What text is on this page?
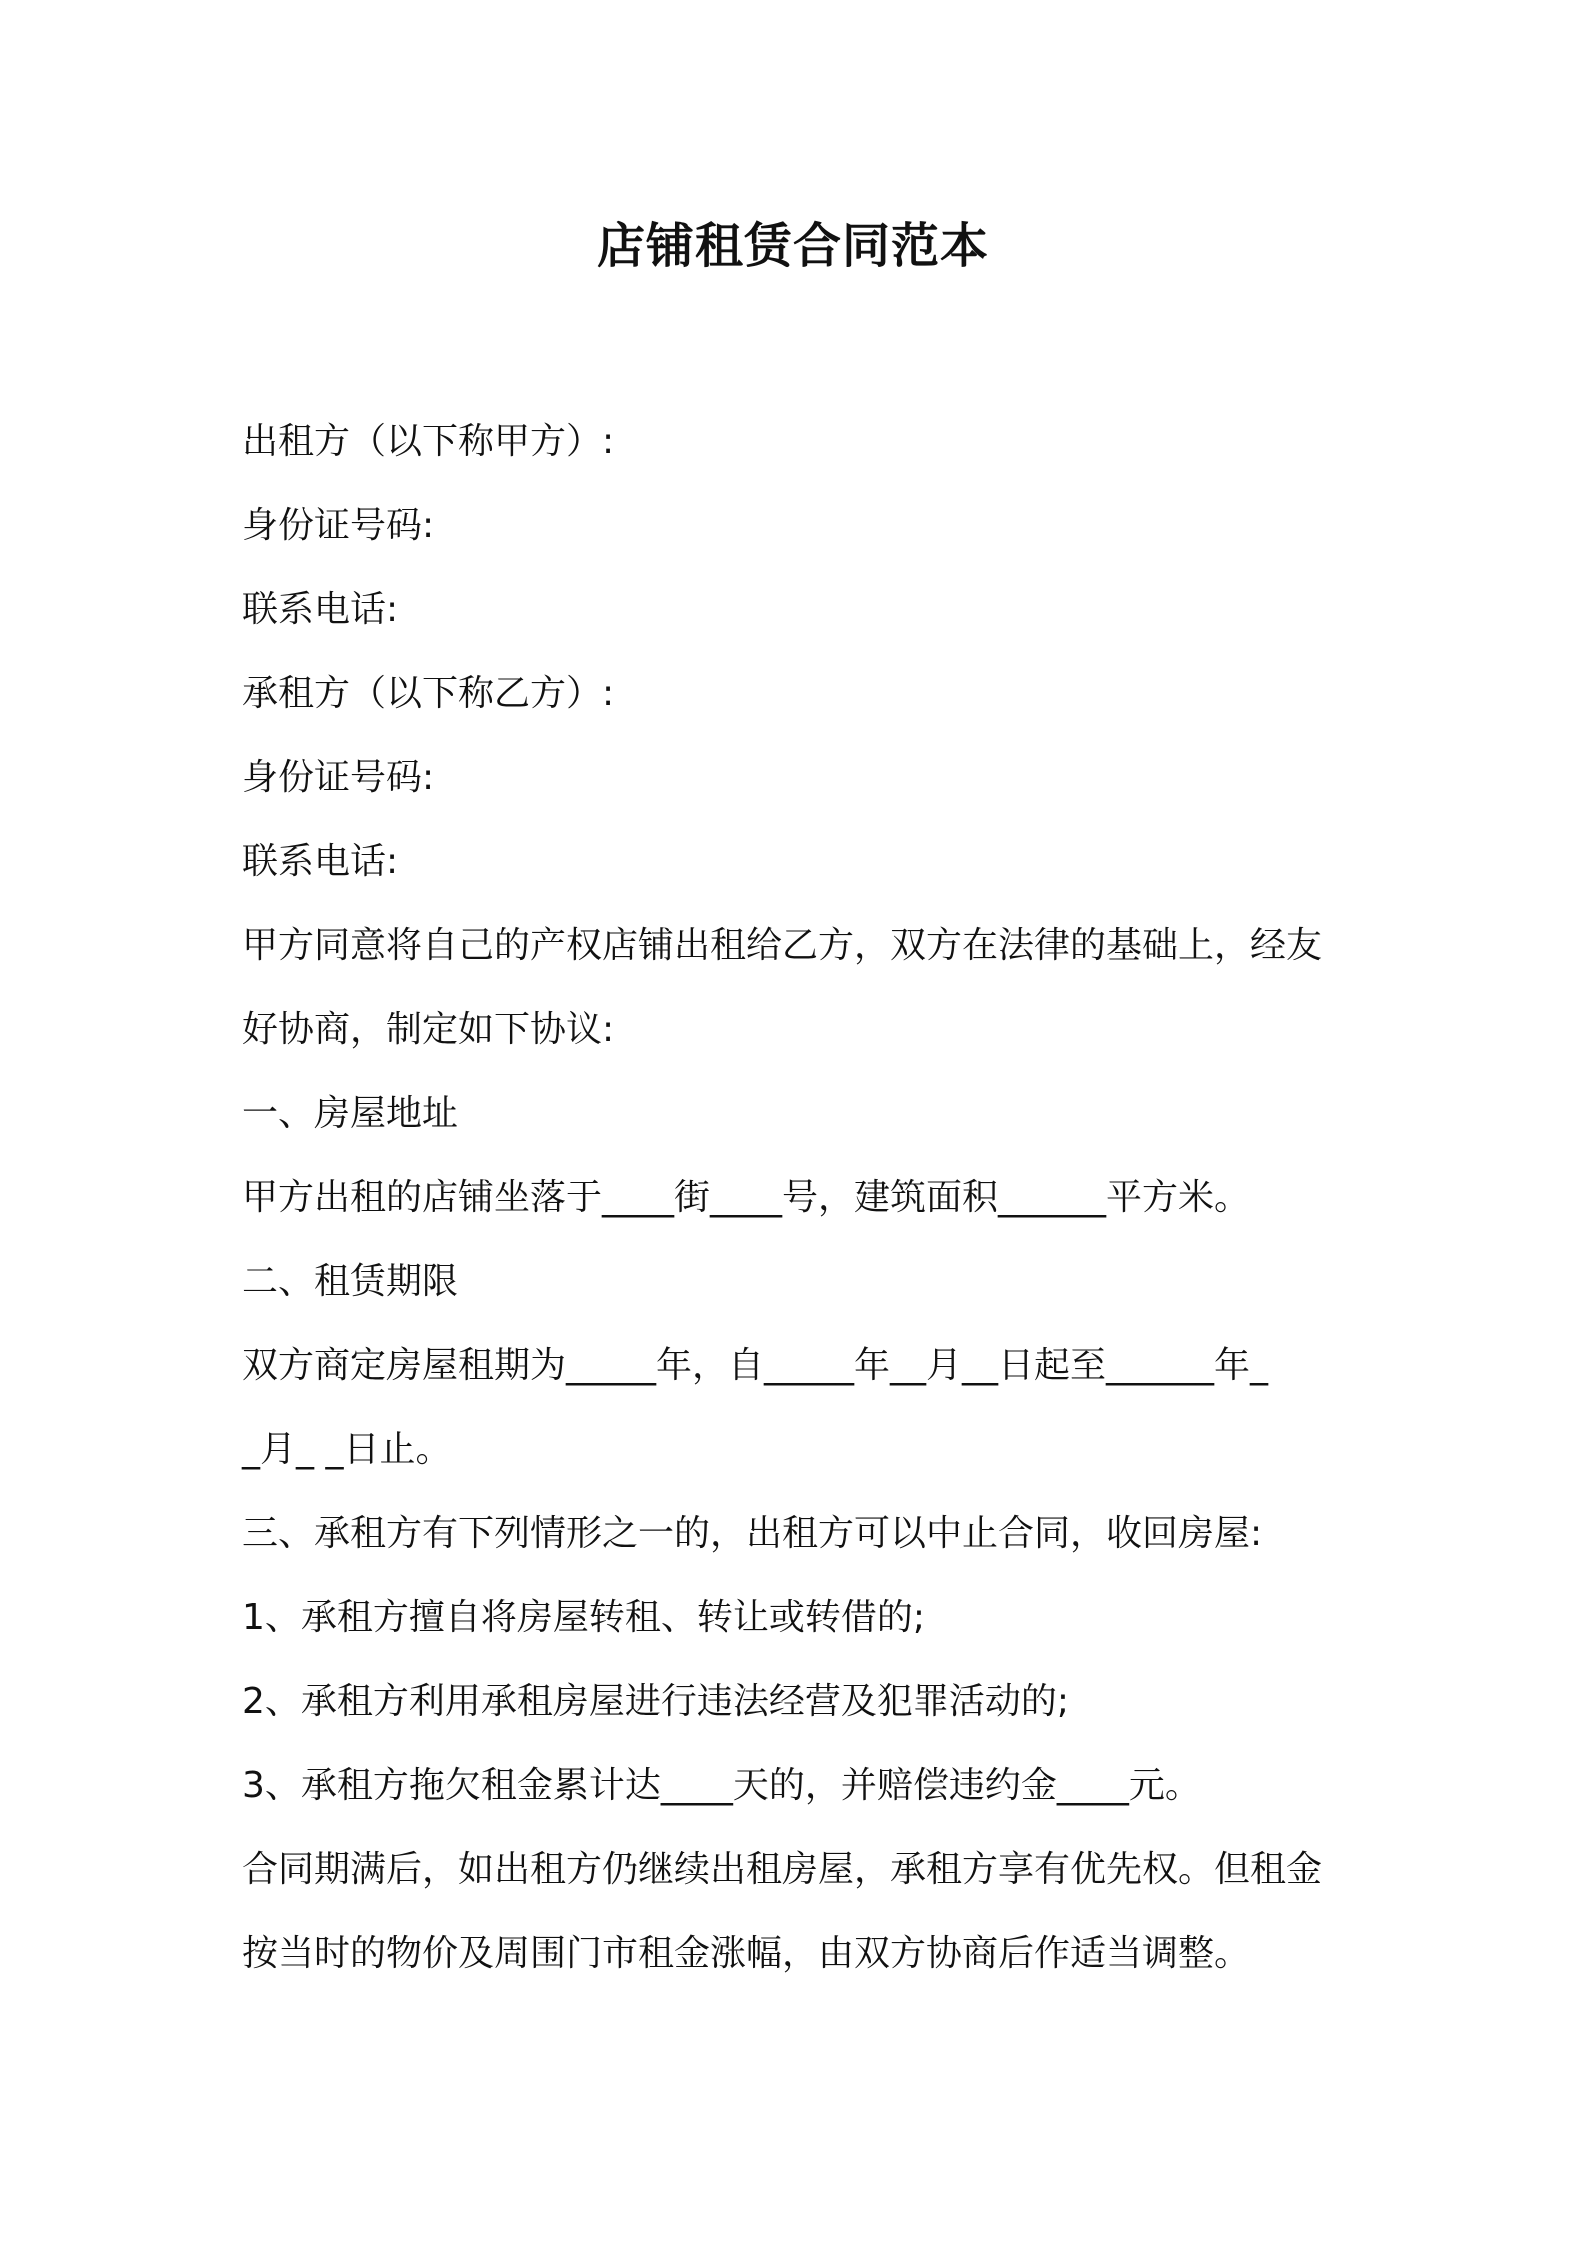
店铺租赁合同范本
出租方（以下称甲方）:
身份证号码:
联系电话:
承租方（以下称乙方）:
身份证号码:
联系电话:
甲方同意将自己的产权店铺出租给乙方，双方在法律的基础上，经友
好协商，制定如下协议:
一、房屋地址
甲方出租的店铺坐落于____街____号，建筑面积______平方米。
二、租赁期限
双方商定房屋租期为_____年，自_____年__月__日起至______年_
_月_ _日止。
三、承租方有下列情形之一的，出租方可以中止合同，收回房屋:
1、承租方擅自将房屋转租、转让或转借的;
2、承租方利用承租房屋进行违法经营及犯罪活动的;
3、承租方拖欠租金累计达____天的，并赔偿违约金____元。
合同期满后，如出租方仍继续出租房屋，承租方享有优先权。但租金
按当时的物价及周围门市租金涨幅，由双方协商后作适当调整。
